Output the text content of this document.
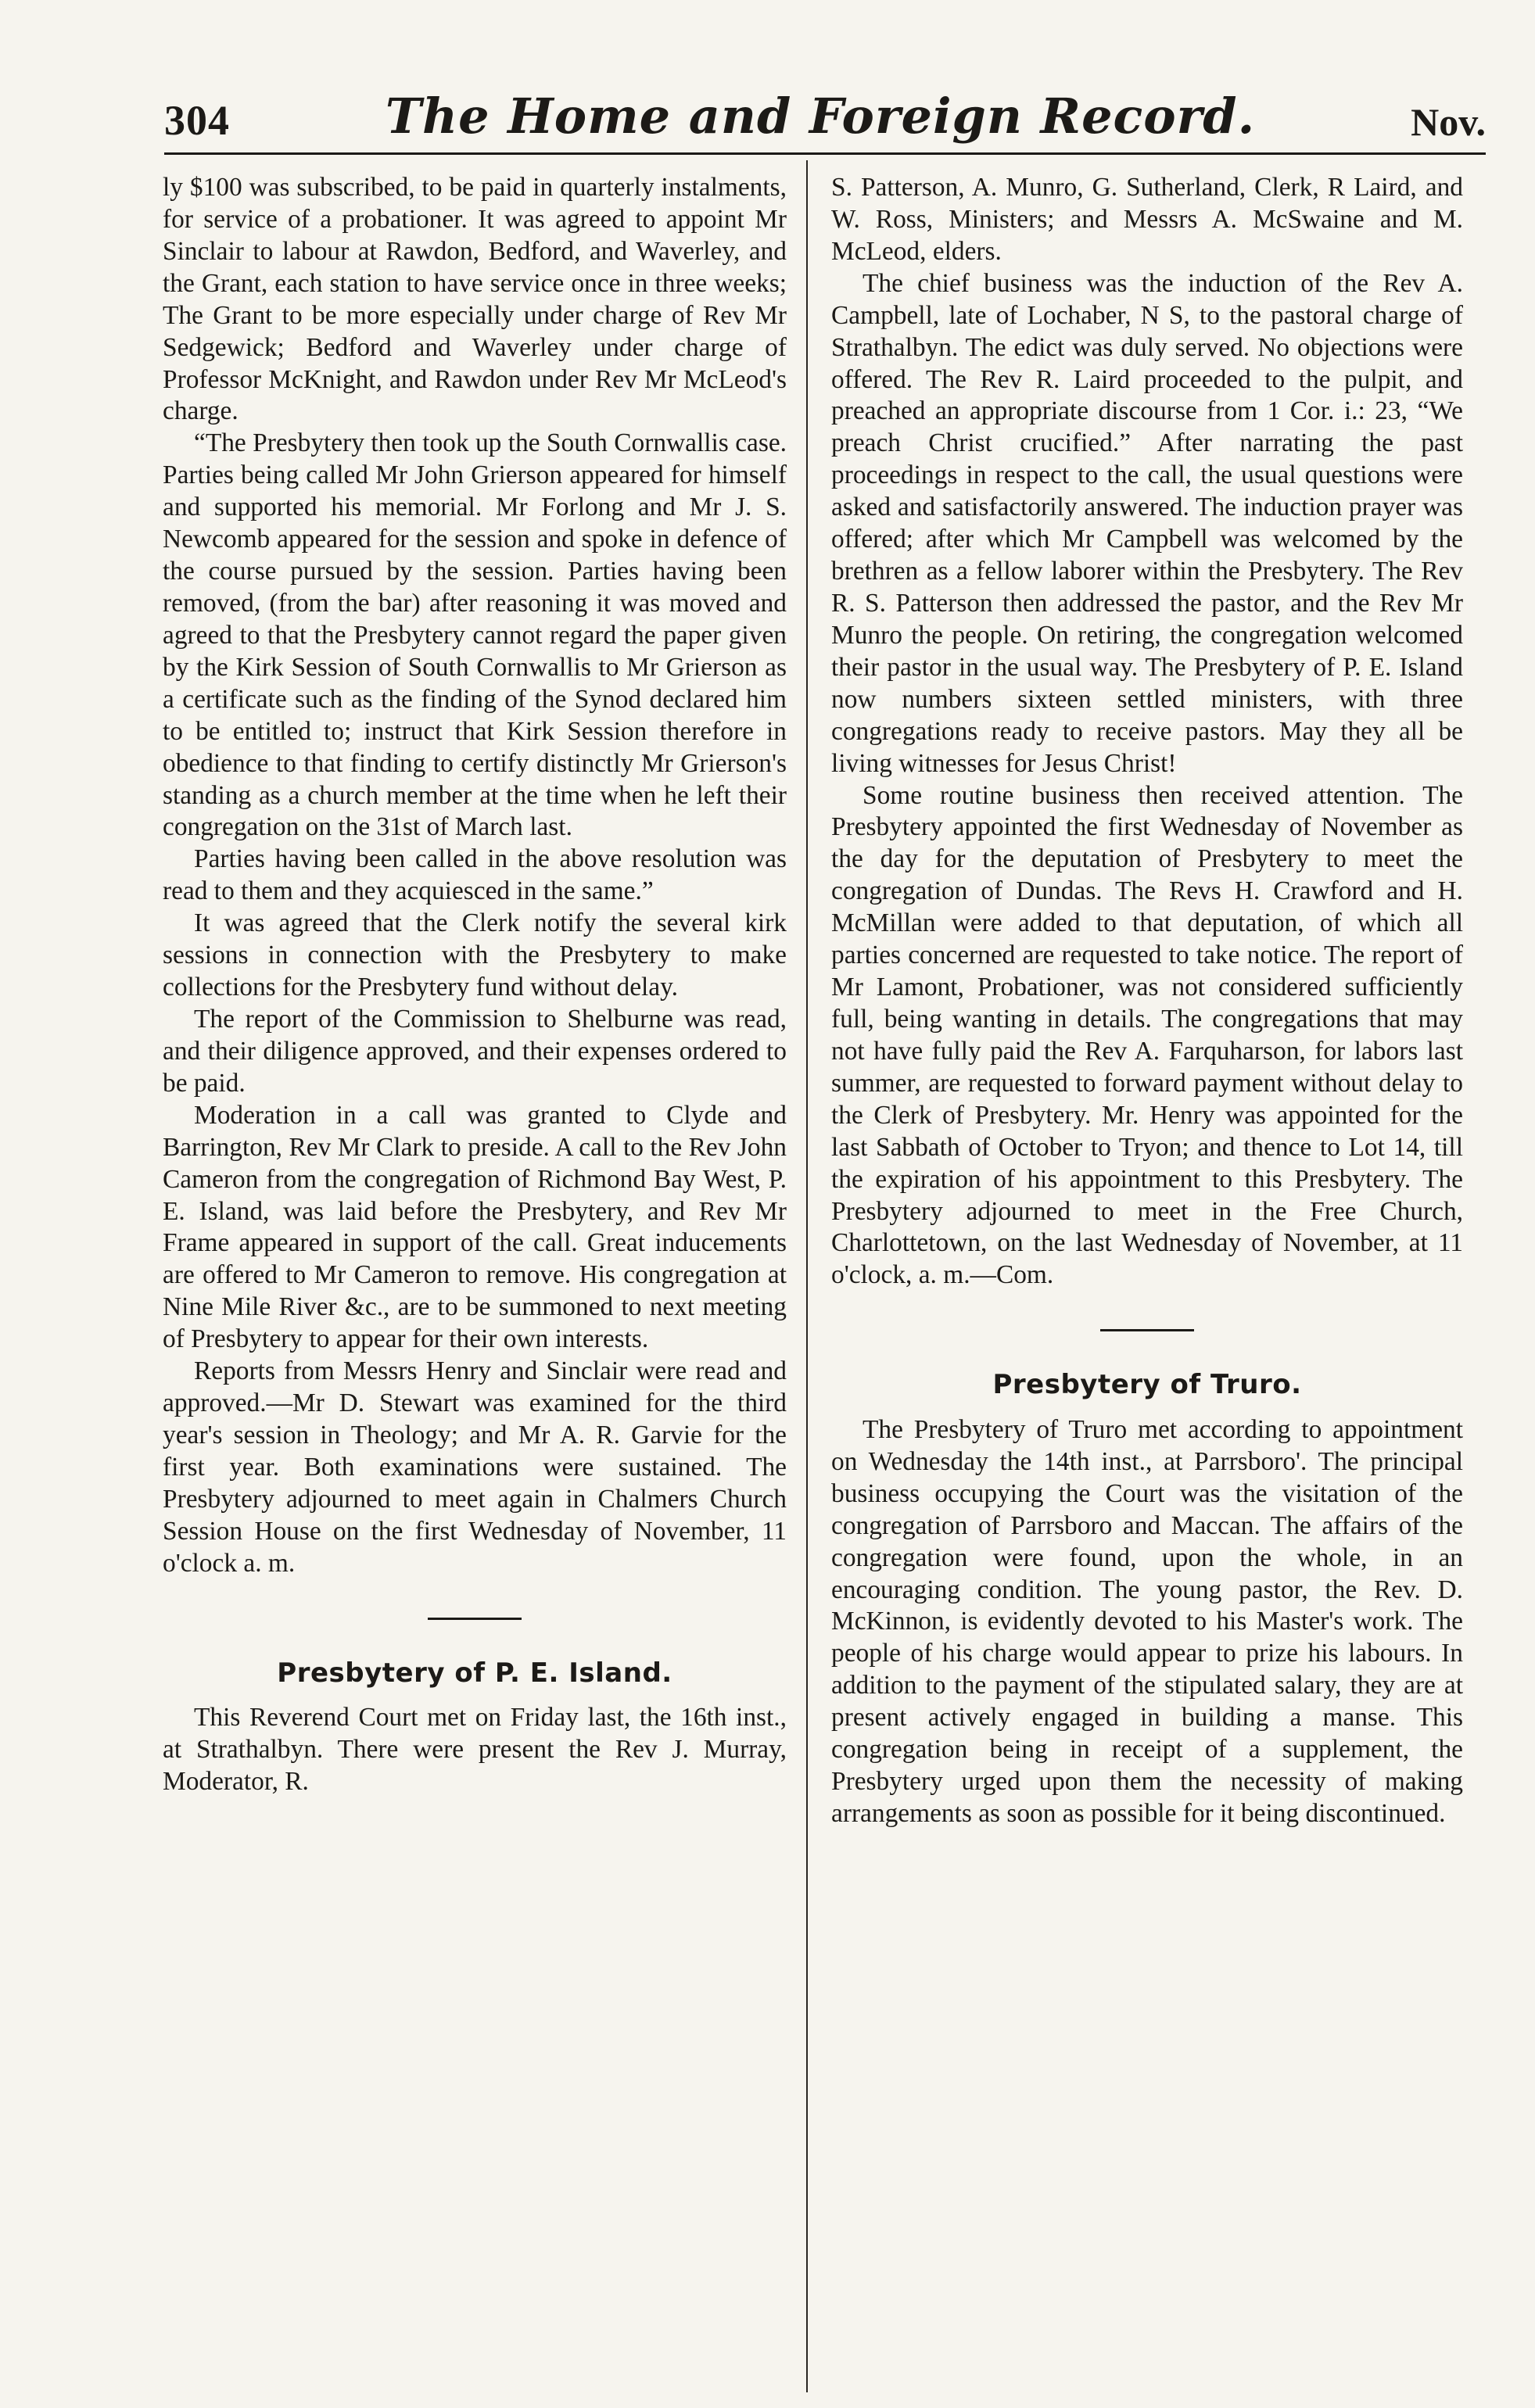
304	The Home and Foreign Record.	Nov.

ly $100 was subscribed, to be paid in quarterly instalments, for service of a probationer. It was agreed to appoint Mr Sinclair to labour at Rawdon, Bedford, and Waverley, and the Grant, each station to have service once in three weeks; The Grant to be more especially under charge of Rev Mr Sedgewick; Bedford and Waverley under charge of Professor McKnight, and Rawdon under Rev Mr McLeod's charge.

“The Presbytery then took up the South Cornwallis case. Parties being called Mr John Grierson appeared for himself and supported his memorial. Mr Forlong and Mr J. S. Newcomb appeared for the session and spoke in defence of the course pursued by the session. Parties having been removed, (from the bar) after reasoning it was moved and agreed to that the Presbytery cannot regard the paper given by the Kirk Session of South Cornwallis to Mr Grierson as a certificate such as the finding of the Synod declared him to be entitled to; instruct that Kirk Session therefore in obedience to that finding to certify distinctly Mr Grierson's standing as a church member at the time when he left their congregation on the 31st of March last.

Parties having been called in the above resolution was read to them and they acquiesced in the same.”

It was agreed that the Clerk notify the several kirk sessions in connection with the Presbytery to make collections for the Presbytery fund without delay.

The report of the Commission to Shelburne was read, and their diligence approved, and their expenses ordered to be paid.

Moderation in a call was granted to Clyde and Barrington, Rev Mr Clark to preside. A call to the Rev John Cameron from the congregation of Richmond Bay West, P. E. Island, was laid before the Presbytery, and Rev Mr Frame appeared in support of the call. Great inducements are offered to Mr Cameron to remove. His congregation at Nine Mile River &c., are to be summoned to next meeting of Presbytery to appear for their own interests.

Reports from Messrs Henry and Sinclair were read and approved.—Mr D. Stewart was examined for the third year's session in Theology; and Mr A. R. Garvie for the first year. Both examinations were sustained. The Presbytery adjourned to meet again in Chalmers Church Session House on the first Wednesday of November, 11 o'clock a. m.

Presbytery of P. E. Island.

This Reverend Court met on Friday last, the 16th inst., at Strathalbyn. There were present the Rev J. Murray, Moderator, R.

S. Patterson, A. Munro, G. Sutherland, Clerk, R Laird, and W. Ross, Ministers; and Messrs A. McSwaine and M. McLeod, elders.

The chief business was the induction of the Rev A. Campbell, late of Lochaber, N S, to the pastoral charge of Strathalbyn. The edict was duly served. No objections were offered. The Rev R. Laird proceeded to the pulpit, and preached an appropriate discourse from 1 Cor. i.: 23, “We preach Christ crucified.” After narrating the past proceedings in respect to the call, the usual questions were asked and satisfactorily answered. The induction prayer was offered; after which Mr Campbell was welcomed by the brethren as a fellow laborer within the Presbytery. The Rev R. S. Patterson then addressed the pastor, and the Rev Mr Munro the people. On retiring, the congregation welcomed their pastor in the usual way. The Presbytery of P. E. Island now numbers sixteen settled ministers, with three congregations ready to receive pastors. May they all be living witnesses for Jesus Christ!

Some routine business then received attention. The Presbytery appointed the first Wednesday of November as the day for the deputation of Presbytery to meet the congregation of Dundas. The Revs H. Crawford and H. McMillan were added to that deputation, of which all parties concerned are requested to take notice. The report of Mr Lamont, Probationer, was not considered sufficiently full, being wanting in details. The congregations that may not have fully paid the Rev A. Farquharson, for labors last summer, are requested to forward payment without delay to the Clerk of Presbytery. Mr. Henry was appointed for the last Sabbath of October to Tryon; and thence to Lot 14, till the expiration of his appointment to this Presbytery. The Presbytery adjourned to meet in the Free Church, Charlottetown, on the last Wednesday of November, at 11 o'clock, a. m.—Com.

Presbytery of Truro.

The Presbytery of Truro met according to appointment on Wednesday the 14th inst., at Parrsboro'. The principal business occupying the Court was the visitation of the congregation of Parrsboro and Maccan. The affairs of the congregation were found, upon the whole, in an encouraging condition. The young pastor, the Rev. D. McKinnon, is evidently devoted to his Master's work. The people of his charge would appear to prize his labours. In addition to the payment of the stipulated salary, they are at present actively engaged in building a manse. This congregation being in receipt of a supplement, the Presbytery urged upon them the necessity of making arrangements as soon as possible for it being discontinued.
